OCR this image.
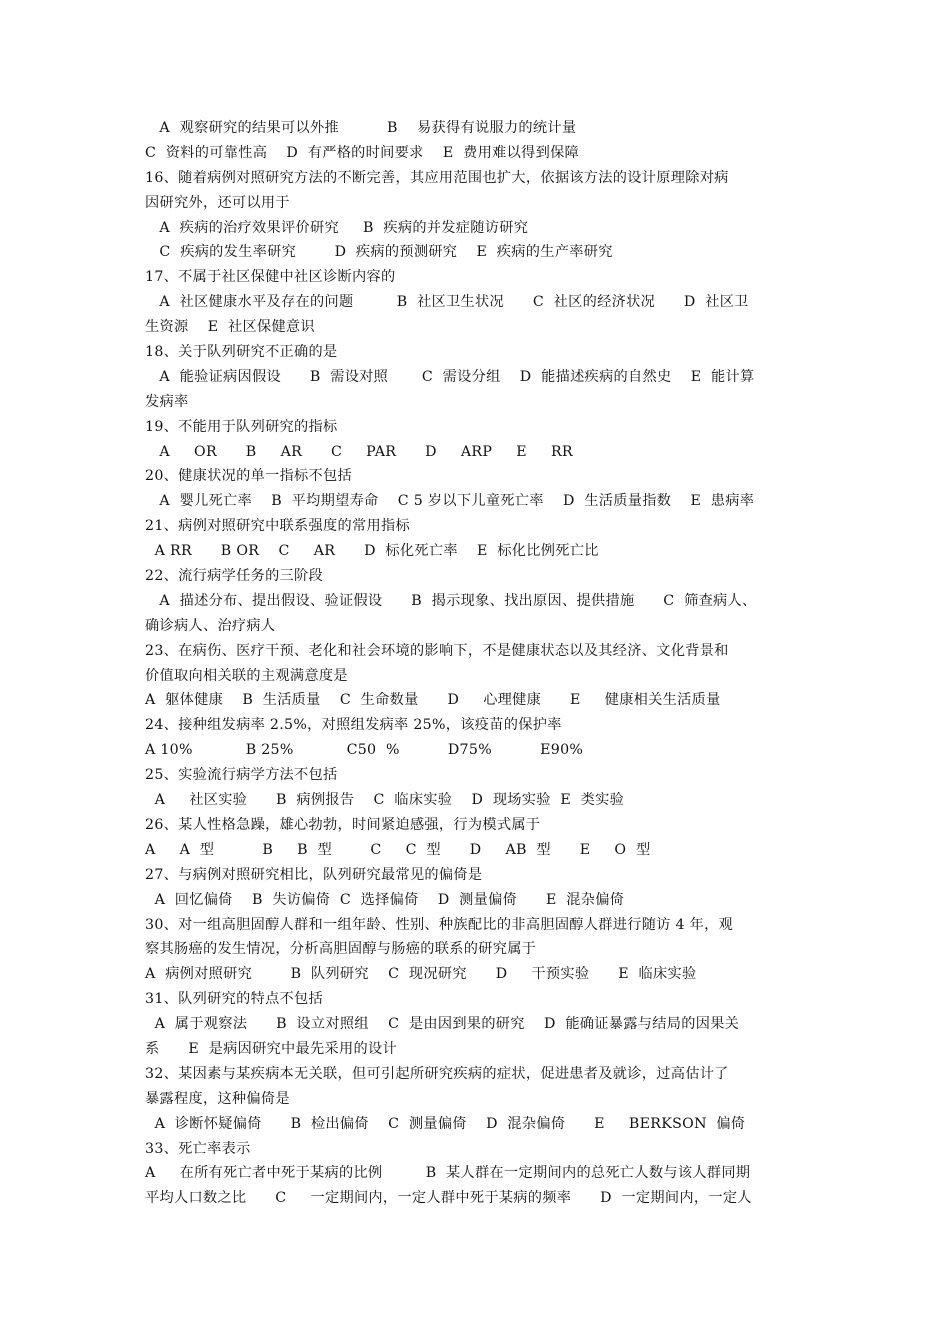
A  观察研究的结果可以外推          B    易获得有说服力的统计量
C  资料的可靠性高    D  有严格的时间要求    E  费用难以得到保障
16、随着病例对照研究方法的不断完善，其应用范围也扩大，依据该方法的设计原理除对病
因研究外，还可以用于
A  疾病的治疗效果评价研究     B  疾病的并发症随访研究
C  疾病的发生率研究        D  疾病的预测研究    E  疾病的生产率研究
17、不属于社区保健中社区诊断内容的
A  社区健康水平及存在的问题         B  社区卫生状况      C  社区的经济状况      D  社区卫
生资源    E  社区保健意识
18、关于队列研究不正确的是
A  能验证病因假设      B  需设对照       C  需设分组    D  能描述疾病的自然史    E  能计算
发病率
19、不能用于队列研究的指标
A     OR      B     AR      C     PAR      D     ARP     E     RR
20、健康状况的单一指标不包括
A  婴儿死亡率    B  平均期望寿命    C 5 岁以下儿童死亡率    D  生活质量指数    E  患病率
21、病例对照研究中联系强度的常用指标
A RR      B OR    C     AR      D  标化死亡率    E  标化比例死亡比
22、流行病学任务的三阶段
A  描述分布、提出假设、验证假设      B  揭示现象、找出原因、提供措施      C  筛查病人、
确诊病人、治疗病人
23、在病伤、医疗干预、老化和社会环境的影响下，不是健康状态以及其经济、文化背景和
价值取向相关联的主观满意度是
A  躯体健康    B  生活质量    C  生命数量      D     心理健康      E     健康相关生活质量
24、接种组发病率 2.5%，对照组发病率 25%，该疫苗的保护率
A 10%           B 25%           C50  %          D75%          E90%
25、实验流行病学方法不包括
A     社区实验      B  病例报告    C  临床实验    D  现场实验  E  类实验
26、某人性格急躁，雄心勃勃，时间紧迫感强，行为模式属于
A     A  型          B     B  型        C     C  型      D     AB  型      E     O  型
27、与病例对照研究相比，队列研究最常见的偏倚是
A  回忆偏倚    B  失访偏倚  C  选择偏倚    D  测量偏倚      E  混杂偏倚
30、对一组高胆固醇人群和一组年龄、性别、种族配比的非高胆固醇人群进行随访 4 年，观
察其肠癌的发生情况，分析高胆固醇与肠癌的联系的研究属于
A  病例对照研究        B  队列研究    C  现况研究      D     干预实验      E  临床实验
31、队列研究的特点不包括
A  属于观察法      B  设立对照组    C  是由因到果的研究    D  能确证暴露与结局的因果关
系      E  是病因研究中最先采用的设计
32、某因素与某疾病本无关联，但可引起所研究疾病的症状，促进患者及就诊，过高估计了
暴露程度，这种偏倚是
A  诊断怀疑偏倚      B  检出偏倚    C  测量偏倚    D  混杂偏倚      E     BERKSON  偏倚
33、死亡率表示
A     在所有死亡者中死于某病的比例         B  某人群在一定期间内的总死亡人数与该人群同期
平均人口数之比      C     一定期间内，一定人群中死于某病的频率      D  一定期间内，一定人
